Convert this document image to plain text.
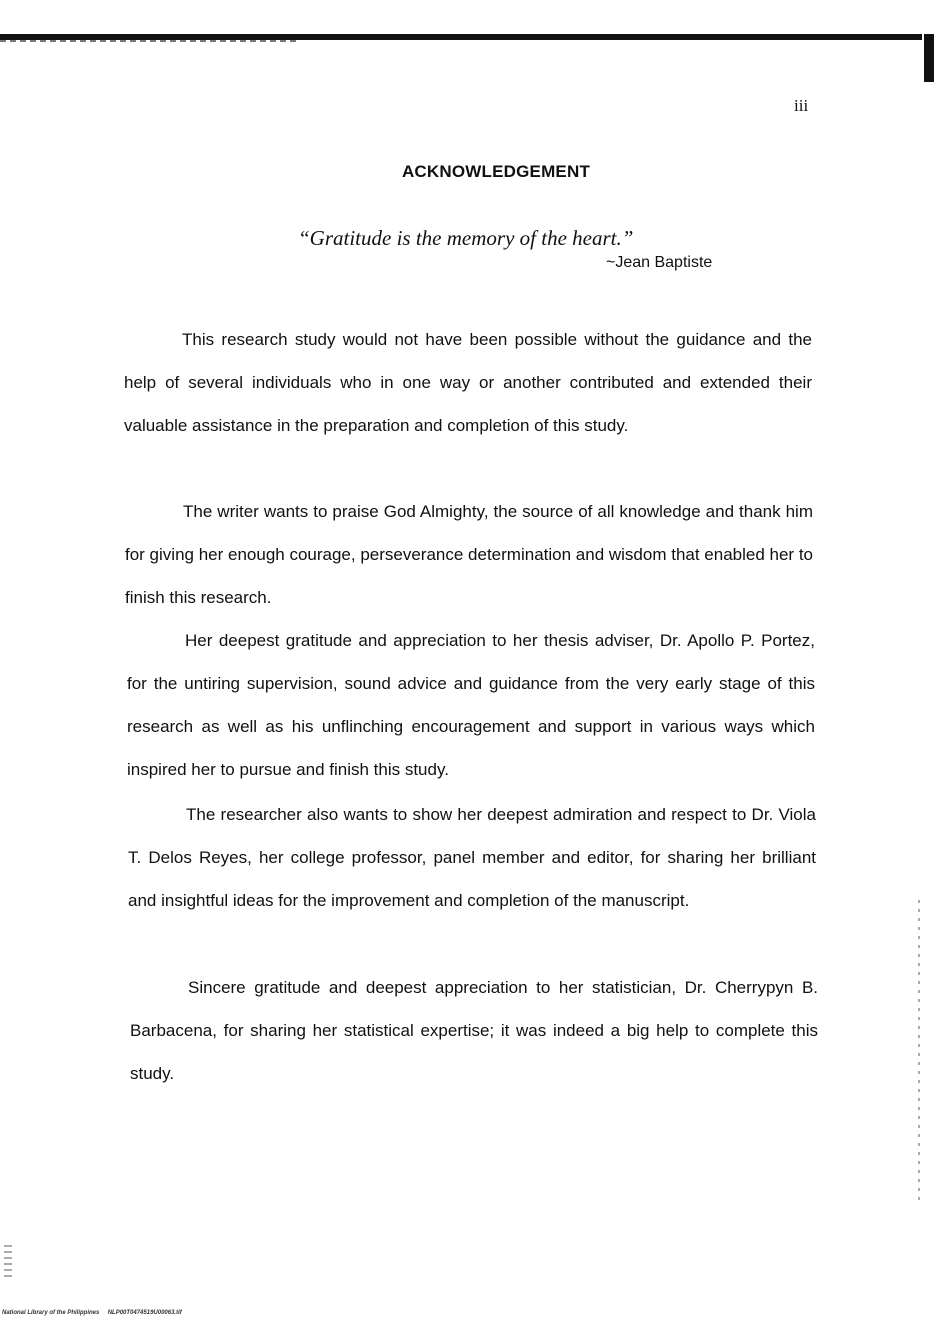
iii
ACKNOWLEDGEMENT
“Gratitude is the memory of the heart.”
~Jean Baptiste

This research study would not have been possible without the guidance and the help of several individuals who in one way or another contributed and extended their valuable assistance in the preparation and completion of this study.

The writer wants to praise God Almighty, the source of all knowledge and thank him for giving her enough courage, perseverance determination and wisdom that enabled her to finish this research.

Her deepest gratitude and appreciation to her thesis adviser, Dr. Apollo P. Portez, for the untiring supervision, sound advice and guidance from the very early stage of this research as well as his unflinching encouragement and support in various ways which inspired her to pursue and finish this study.

The researcher also wants to show her deepest admiration and respect to Dr. Viola T. Delos Reyes, her college professor, panel member and editor, for sharing her brilliant and insightful ideas for the improvement and completion of the manuscript.

Sincere gratitude and deepest appreciation to her statistician, Dr. Cherrypyn B. Barbacena, for sharing her statistical expertise; it was indeed a big help to complete this study.

National Library of the Philippines NLP00T0474519U00063.tif
